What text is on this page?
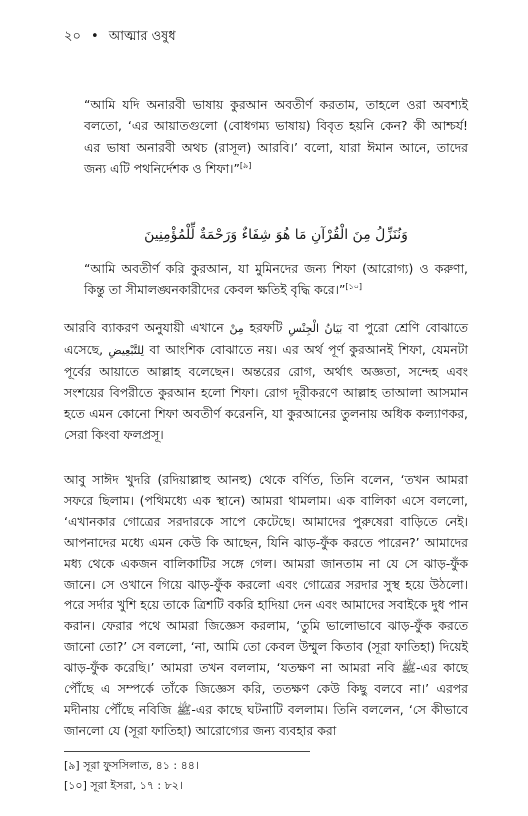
২০ • আত্মার ওষুধ
“আমি যদি অনারবী ভাষায় কুরআন অবতীর্ণ করতাম, তাহলে ওরা অবশ্যই বলতো, ‘এর আয়াতগুলো (বোধগম্য ভাষায়) বিবৃত হয়নি কেন? কী আশ্চর্য! এর ভাষা অনারবী অথচ (রাসূল) আরবি।’ বলো, যারা ঈমান আনে, তাদের জন্য এটি পথনির্দেশক ও শিফা।”[৯]
وَنُنَزِّلُ مِنَ الْقُرْآنِ مَا هُوَ شِفَاءٌ وَرَحْمَةٌ لِّلْمُؤْمِنِينَ
“আমি অবতীর্ণ করি কুরআন, যা মুমিনদের জন্য শিফা (আরোগ্য) ও করুণা, কিন্তু তা সীমালঙ্ঘনকারীদের কেবল ক্ষতিই বৃদ্ধি করে।”[১০]
আরবি ব্যাকরণ অনুযায়ী এখানে مِنْ হরফটি بَيَانُ الْجِنْسِ বা পুরো শ্রেণি বোঝাতে এসেছে, لِلتَّبْعِيضِ বা আংশিক বোঝাতে নয়। এর অর্থ পূর্ণ কুরআনই শিফা, যেমনটা পূর্বের আয়াতে আল্লাহ বলেছেন। অন্তরের রোগ, অর্থাৎ অজ্ঞতা, সন্দেহ এবং সংশয়ের বিপরীতে কুরআন হলো শিফা। রোগ দূরীকরণে আল্লাহ তাআলা আসমান হতে এমন কোনো শিফা অবতীর্ণ করেননি, যা কুরআনের তুলনায় অধিক কল্যাণকর, সেরা কিংবা ফলপ্রসূ।
আবু সাঈদ খুদরি (রদিয়াল্লাহু আনহু) থেকে বর্ণিত, তিনি বলেন, ‘তখন আমরা সফরে ছিলাম। (পথিমধ্যে এক স্থানে) আমরা থামলাম। এক বালিকা এসে বললো, ‘এখানকার গোত্রের সরদারকে সাপে কেটেছে। আমাদের পুরুষেরা বাড়িতে নেই। আপনাদের মধ্যে এমন কেউ কি আছেন, যিনি ঝাড়-ফুঁক করতে পারেন?’ আমাদের মধ্য থেকে একজন বালিকাটির সঙ্গে গেল। আমরা জানতাম না যে সে ঝাড়-ফুঁক জানে। সে ওখানে গিয়ে ঝাড়-ফুঁক করলো এবং গোত্রের সরদার সুস্থ হয়ে উঠলো। পরে সর্দার খুশি হয়ে তাকে ত্রিশটি বকরি হাদিয়া দেন এবং আমাদের সবাইকে দুধ পান করান। ফেরার পথে আমরা জিজ্ঞেস করলাম, ‘তুমি ভালোভাবে ঝাড়-ফুঁক করতে জানো তো?’ সে বললো, ‘না, আমি তো কেবল উম্মুল কিতাব (সূরা ফাতিহা) দিয়েই ঝাড়-ফুঁক করেছি।’ আমরা তখন বললাম, ‘যতক্ষণ না আমরা নবি ﷺ-এর কাছে পৌঁছে এ সম্পর্কে তাঁকে জিজ্ঞেস করি, ততক্ষণ কেউ কিছু বলবে না।’ এরপর মদীনায় পৌঁছে নবিজি ﷺ-এর কাছে ঘটনাটি বললাম। তিনি বললেন, ‘সে কীভাবে জানলো যে (সূরা ফাতিহা) আরোগ্যের জন্য ব্যবহার করা
[৯] সূরা ফুসসিলাত, ৪১ : ৪৪।
[১০] সূরা ইসরা, ১৭ : ৮২।
